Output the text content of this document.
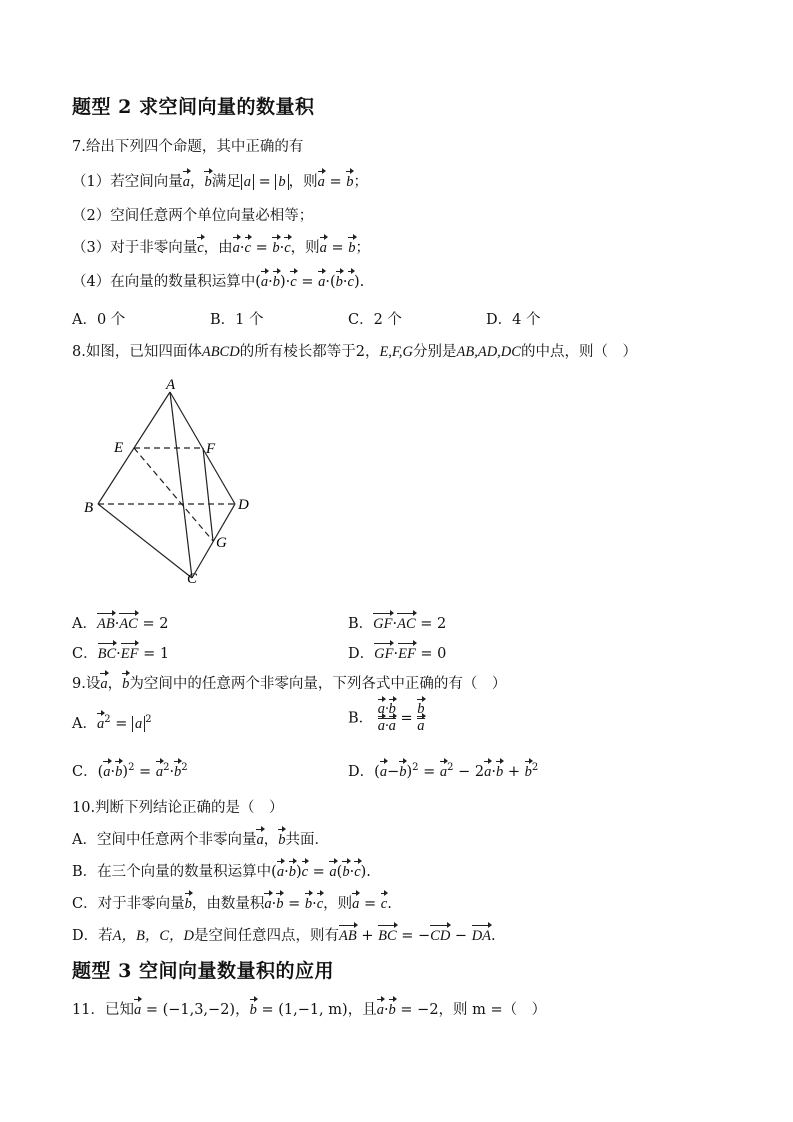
题型 2 求空间向量的数量积
7.给出下列四个命题，其中正确的有
（1）若空间向量a，b满足 a = b ，则a = b；
（2）空间任意两个单位向量必相等；
（3）对于非零向量c，由a·c = b·c，则a = b；
（4）在向量的数量积运算中(a·b)·c = a·(b·c).
A．0 个	B．1 个	C．2 个	D．4 个
8.如图，已知四面体ABCD的所有棱长都等于2，E,F,G分别是AB,AD,DC的中点，则（　）
A
B
C
D
E	F
G
A．AB·AC = 2	B．GF·AC = 2
C．BC·EF = 1	D．GF·EF = 0
9.设a，b为空间中的任意两个非零向量，下列各式中正确的有（　）
A．$a^2 = a$ $^2$	B． $\frac{a\cdot b}{a\cdot a} = \frac{b}{a}$
C．$(a\cdot b)^2 = a^2\cdot b^2$	D．$(a-b)^2 = a^2 - 2a\cdot b + b^2$
10.判断下列结论正确的是（　）
A．空间中任意两个非零向量a，b共面．
B．在三个向量的数量积运算中(a·b)c = a(b·c).
C．对于非零向量b，由数量积a·b = b·c，则a = c.
D．若A，B，C，D是空间任意四点，则有AB + BC = −CD − DA.
题型 3 空间向量数量积的应用
11．已知a = (−1,3,−2)，b = (1,−1, m)，且a·b = −2，则 m =（　）
